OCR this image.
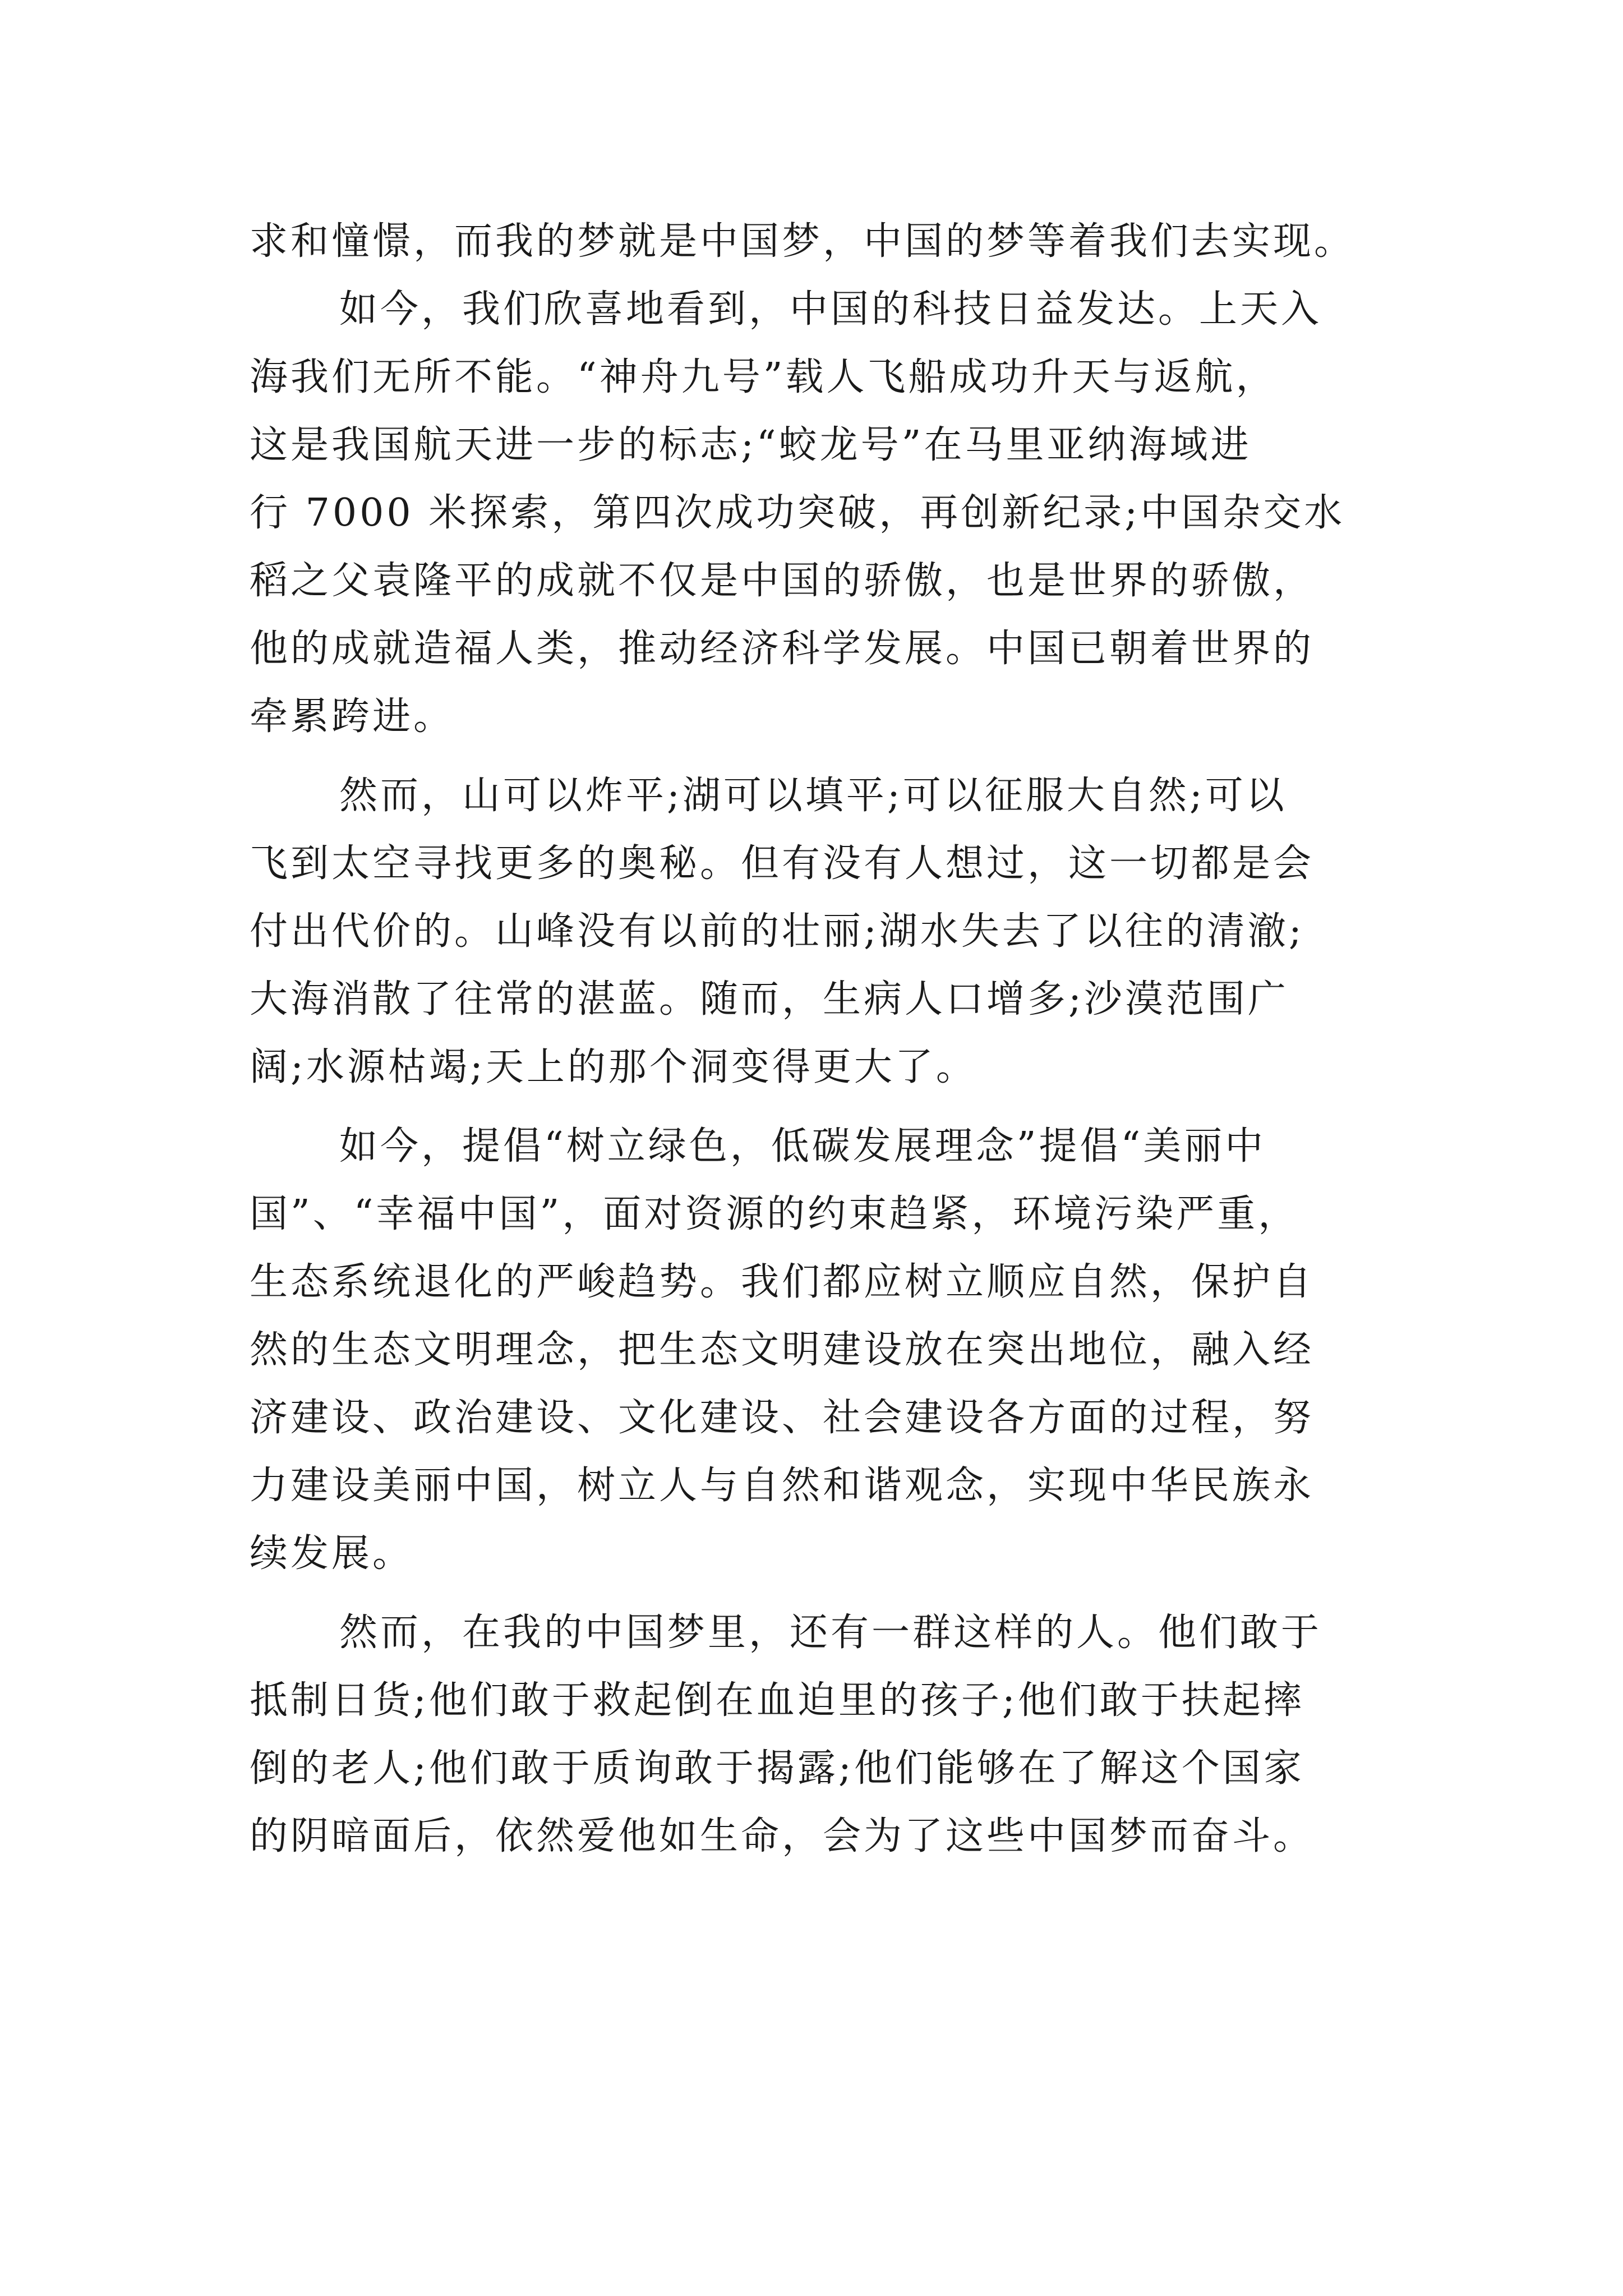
求和憧憬，而我的梦就是中国梦，中国的梦等着我们去实现。
如今，我们欣喜地看到，中国的科技日益发达。上天入
海我们无所不能。“神舟九号”载人飞船成功升天与返航，
这是我国航天进一步的标志;“蛟龙号”在马里亚纳海域进
行 7000 米探索，第四次成功突破，再创新纪录;中国杂交水
稻之父袁隆平的成就不仅是中国的骄傲，也是世界的骄傲，
他的成就造福人类，推动经济科学发展。中国已朝着世界的
牵累跨进。
然而，山可以炸平;湖可以填平;可以征服大自然;可以
飞到太空寻找更多的奥秘。但有没有人想过，这一切都是会
付出代价的。山峰没有以前的壮丽;湖水失去了以往的清澈;
大海消散了往常的湛蓝。随而，生病人口增多;沙漠范围广
阔;水源枯竭;天上的那个洞变得更大了。
如今，提倡“树立绿色，低碳发展理念”提倡“美丽中
国”、“幸福中国”，面对资源的约束趋紧，环境污染严重，
生态系统退化的严峻趋势。我们都应树立顺应自然，保护自
然的生态文明理念，把生态文明建设放在突出地位，融入经
济建设、政治建设、文化建设、社会建设各方面的过程，努
力建设美丽中国，树立人与自然和谐观念，实现中华民族永
续发展。
然而，在我的中国梦里，还有一群这样的人。他们敢于
抵制日货;他们敢于救起倒在血迫里的孩子;他们敢于扶起摔
倒的老人;他们敢于质询敢于揭露;他们能够在了解这个国家
的阴暗面后，依然爱他如生命，会为了这些中国梦而奋斗。
